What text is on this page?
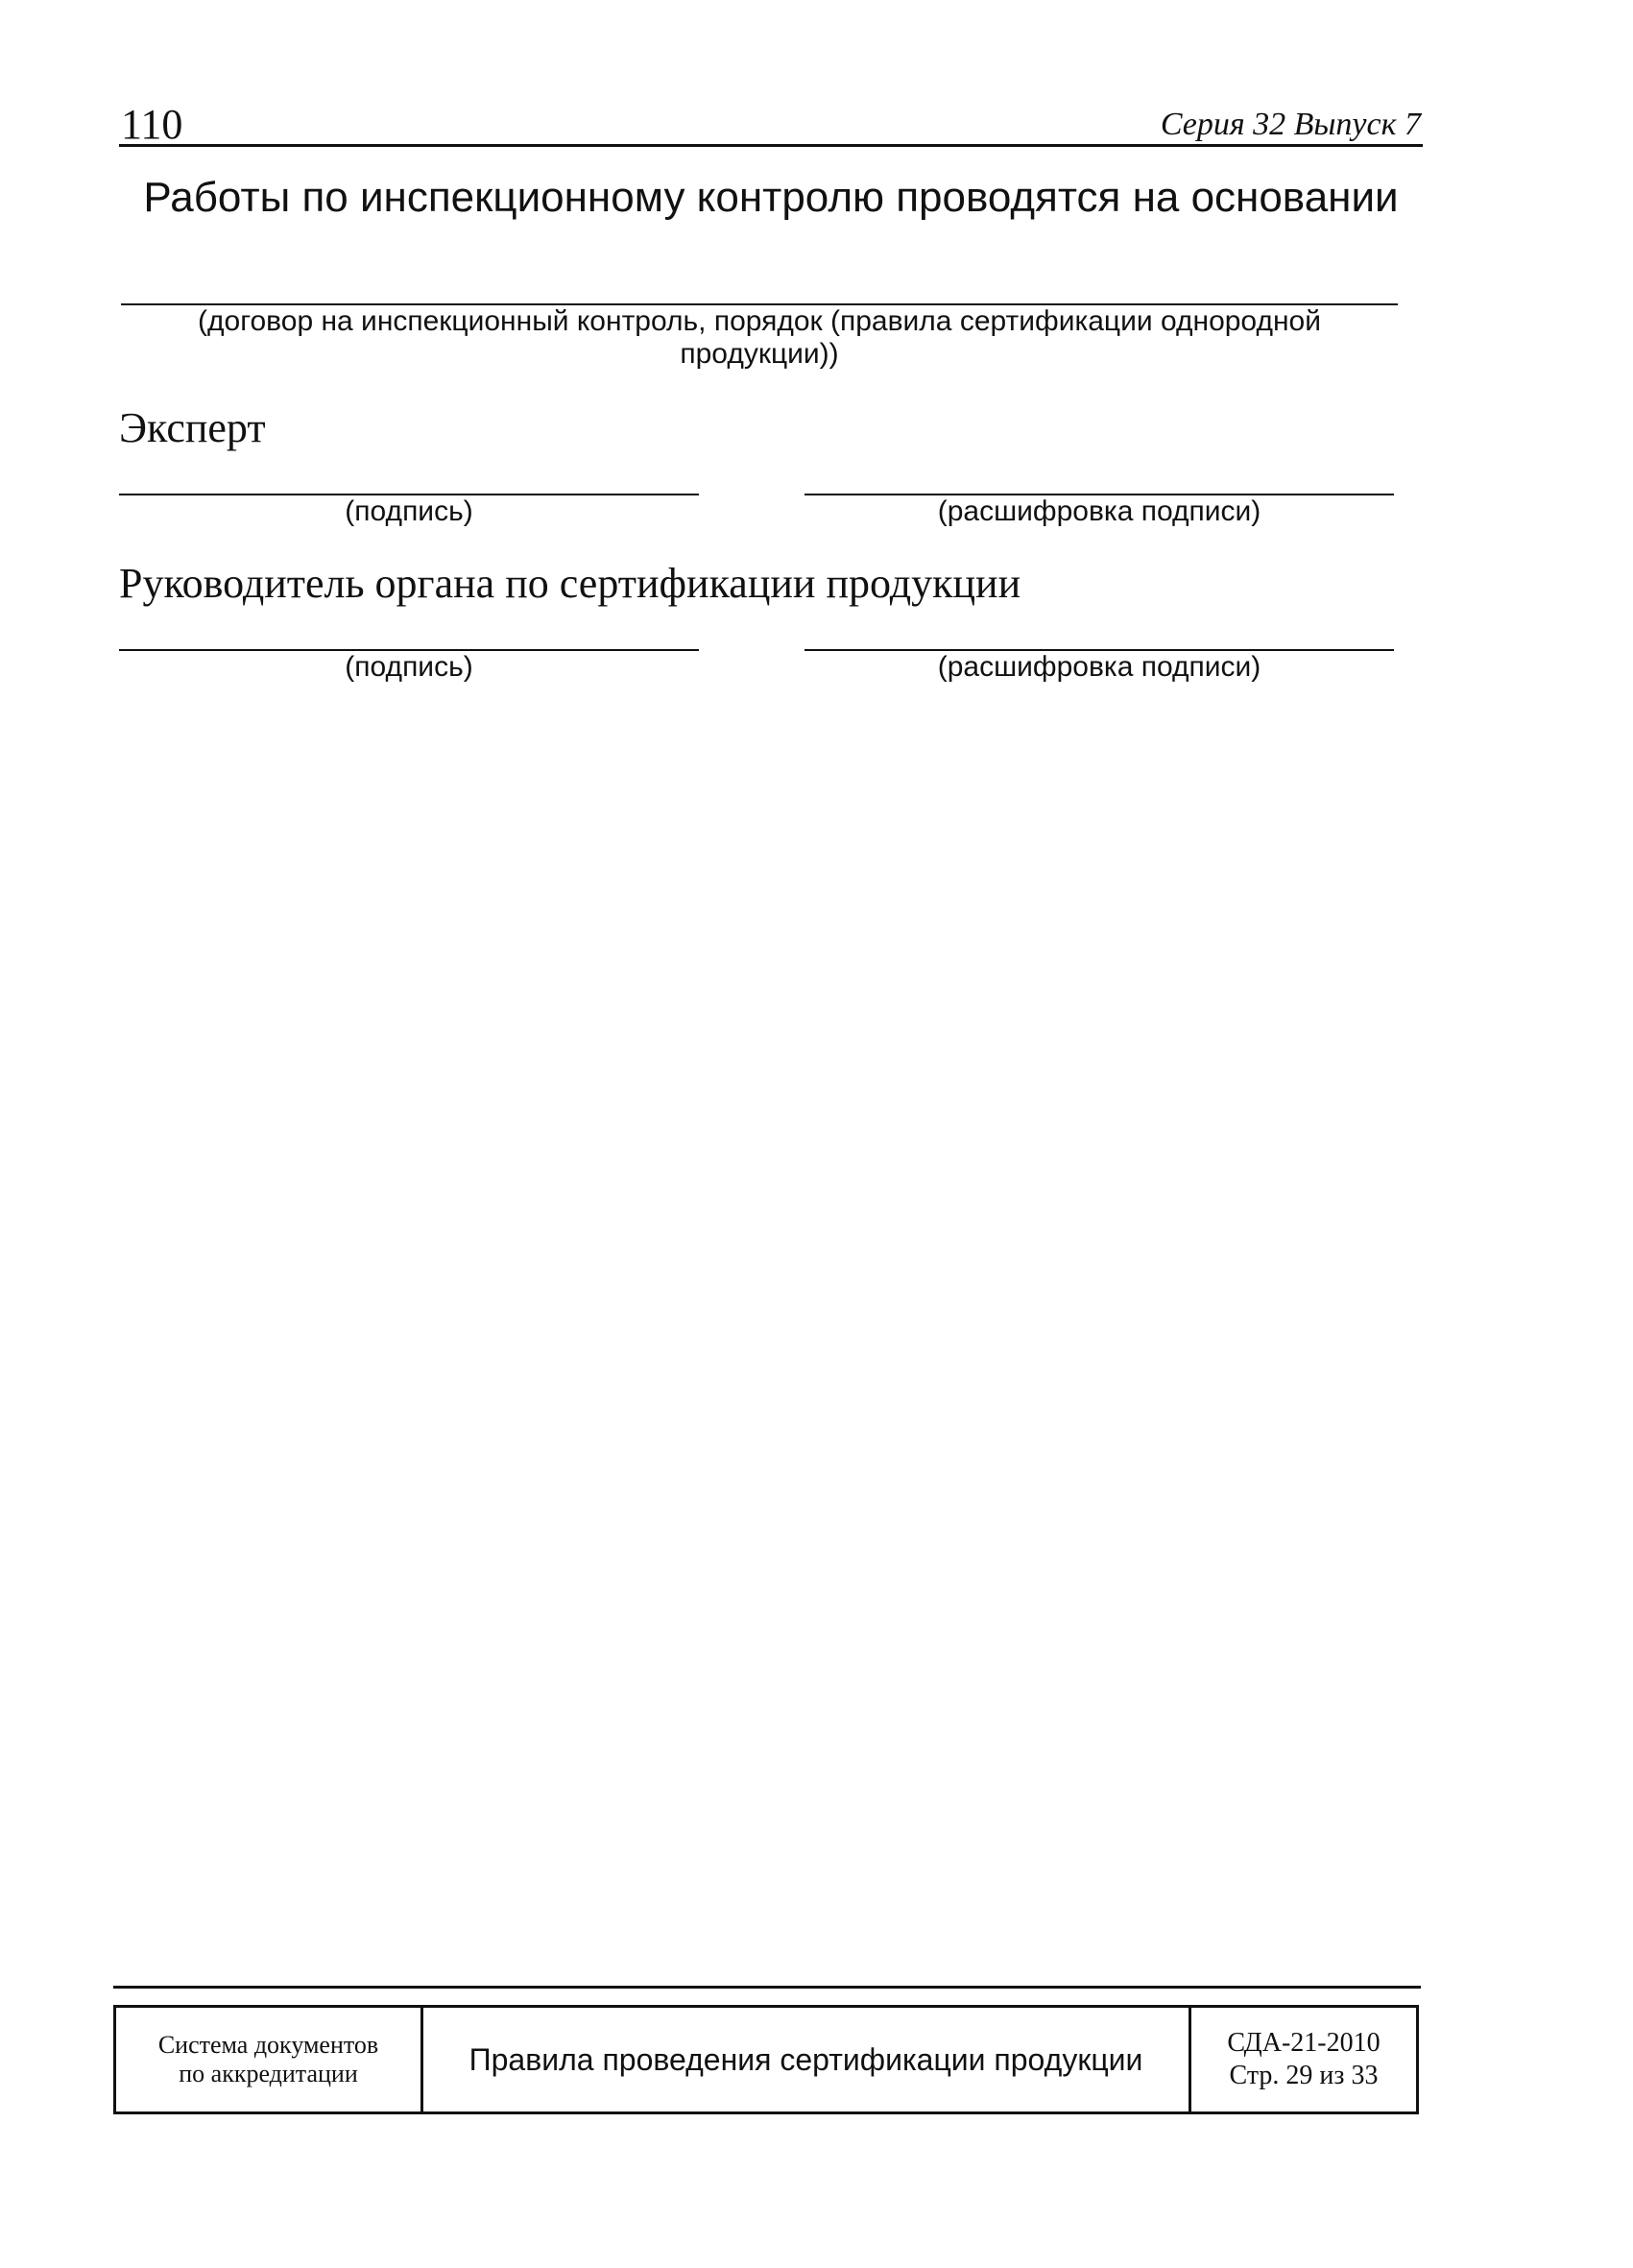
110	Серия 32 Выпуск 7
Работы по инспекционному контролю проводятся на основании
(договор на инспекционный контроль, порядок (правила сертификации однородной
продукции))
Эксперт
(подпись)	(расшифровка подписи)
Руководитель органа по сертификации продукции
(подпись)	(расшифровка подписи)
Система документов
по аккредитации	Правила проведения сертификации продукции	СДА-21-2010
Стр. 29 из 33
